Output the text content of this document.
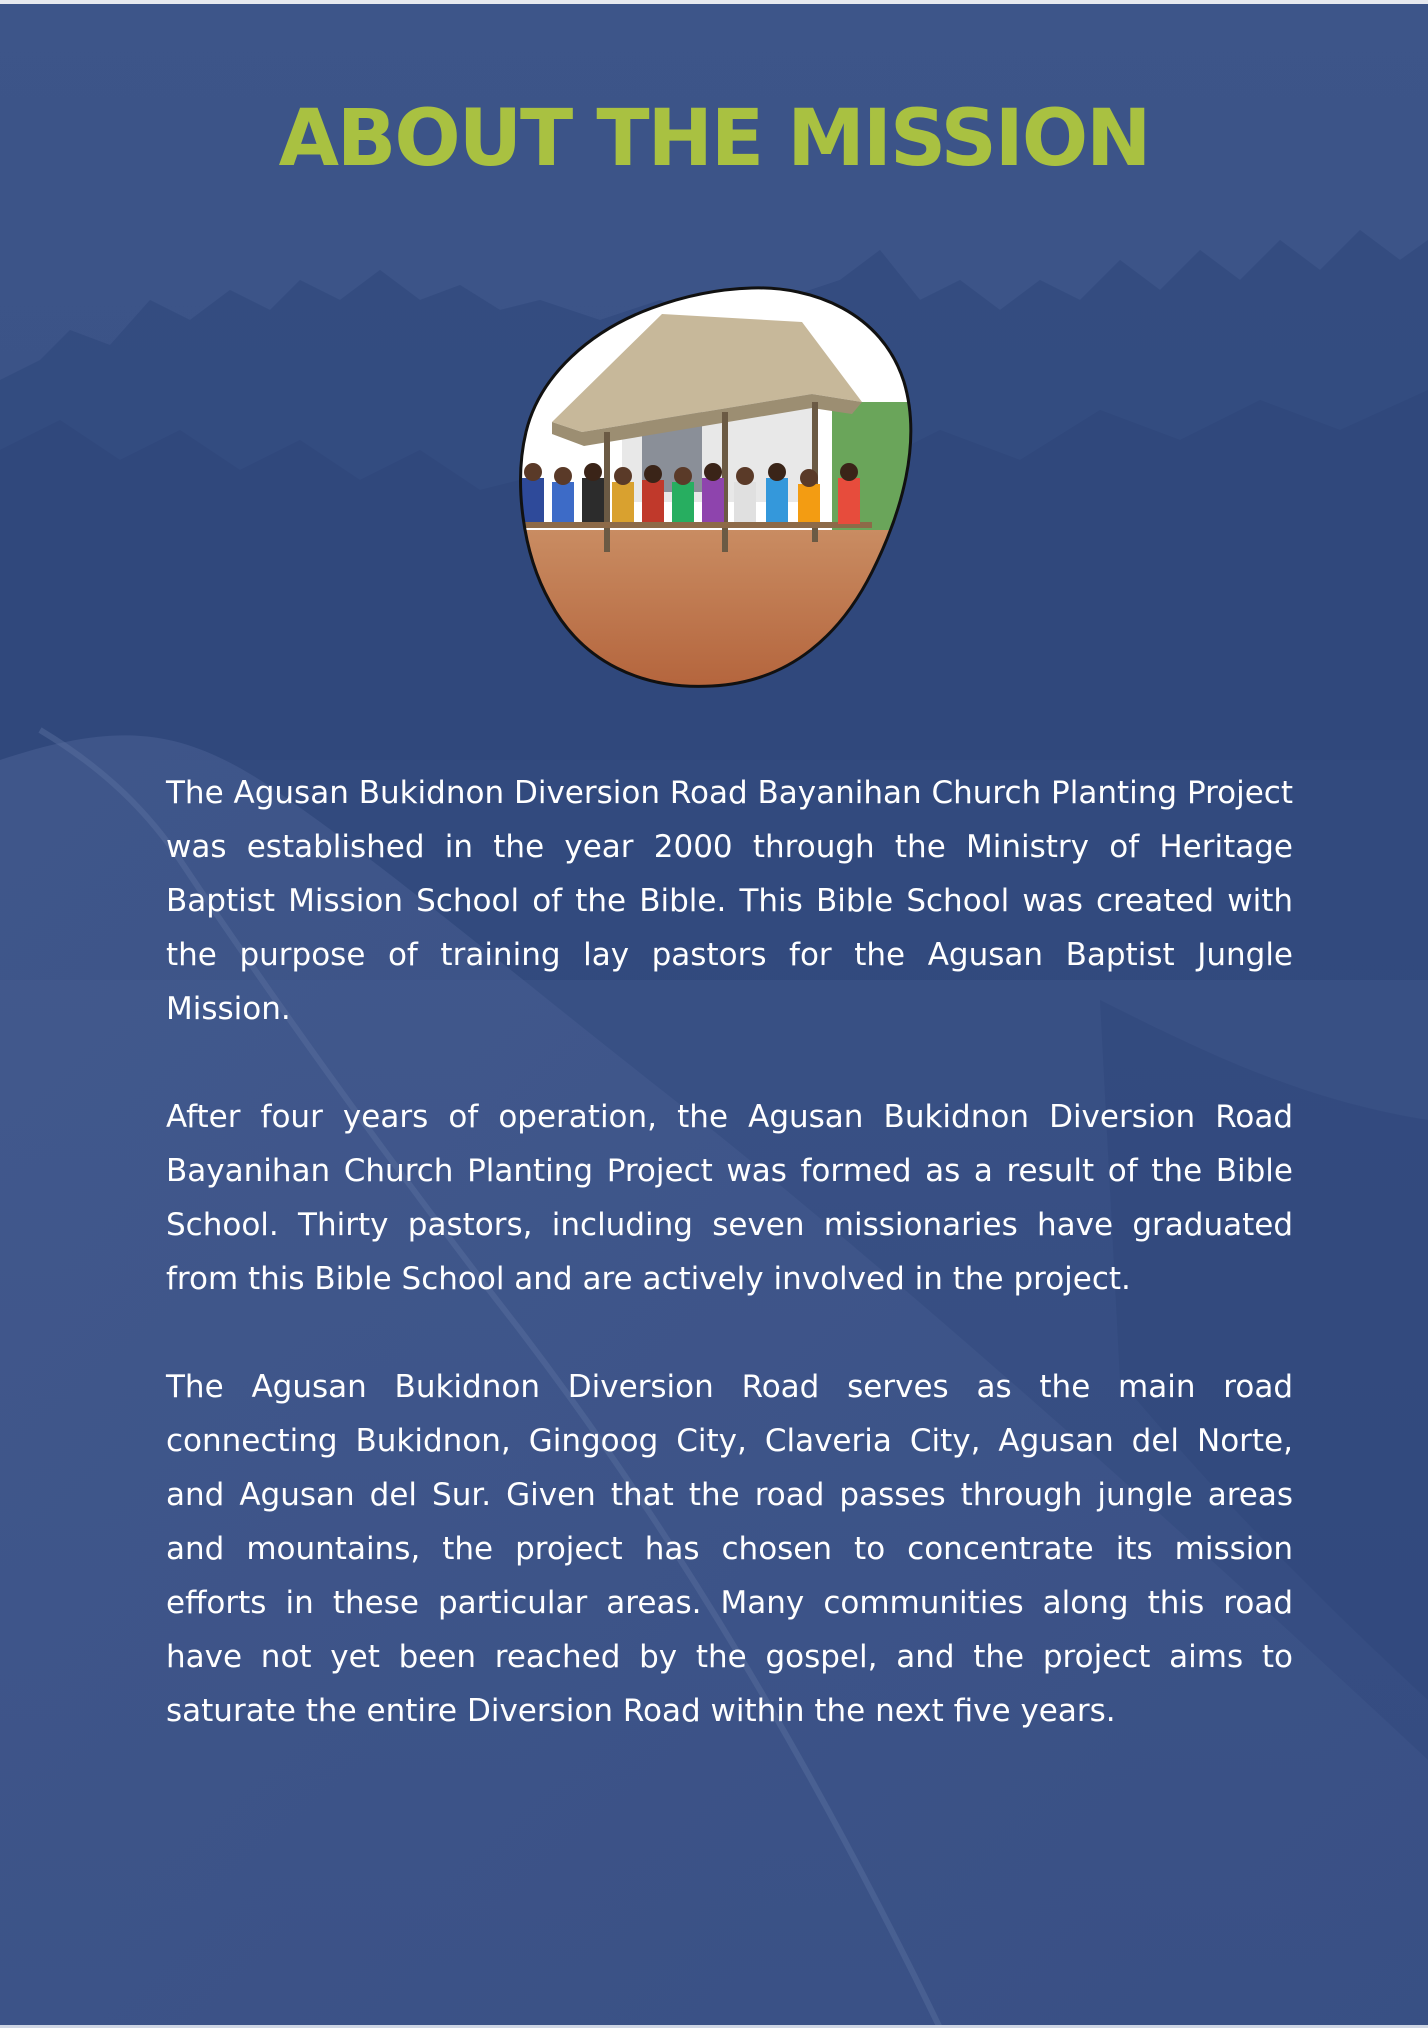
ABOUT THE MISSION

The Agusan Bukidnon Diversion Road Bayanihan Church Planting Project was established in the year 2000 through the Ministry of Heritage Baptist Mission School of the Bible. This Bible School was created with the purpose of training lay pastors for the Agusan Baptist Jungle Mission.

After four years of operation, the Agusan Bukidnon Diversion Road Bayanihan Church Planting Project was formed as a result of the Bible School. Thirty pastors, including seven missionaries have graduated from this Bible School and are actively involved in the project.

The Agusan Bukidnon Diversion Road serves as the main road connecting Bukidnon, Gingoog City, Claveria City, Agusan del Norte, and Agusan del Sur. Given that the road passes through jungle areas and mountains, the project has chosen to concentrate its mission efforts in these particular areas. Many communities along this road have not yet been reached by the gospel, and the project aims to saturate the entire Diversion Road within the next five years.
